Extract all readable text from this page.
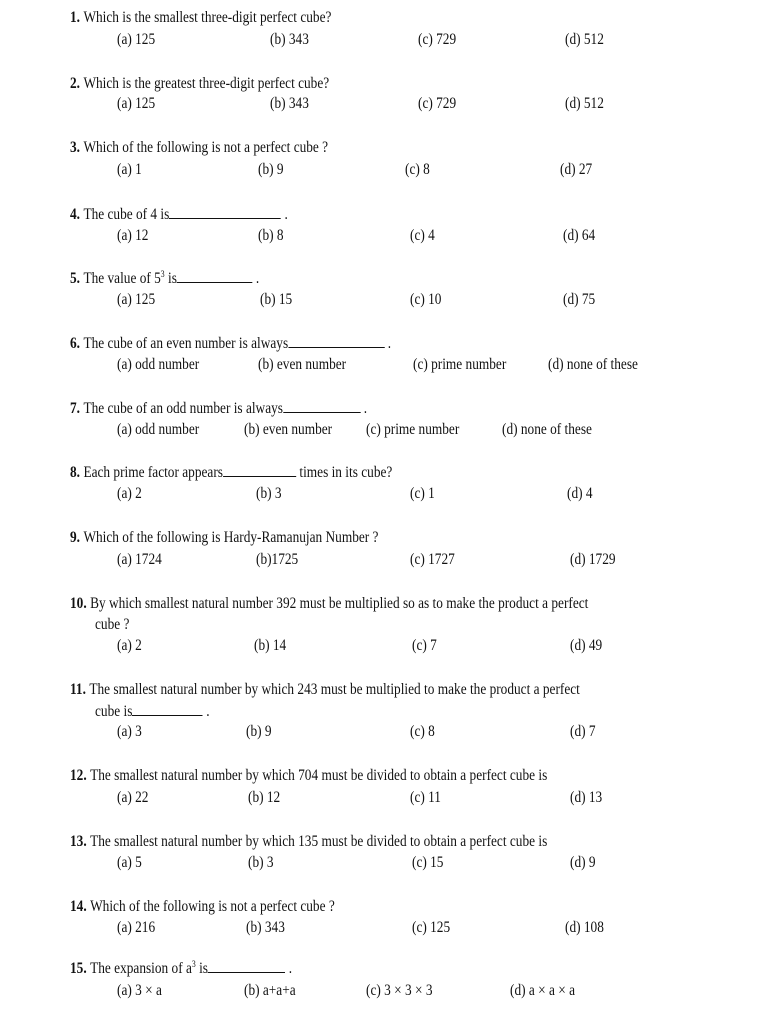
1. Which is the smallest three-digit perfect cube?
(a) 125	(b) 343	(c) 729	(d) 512
2. Which is the greatest three-digit perfect cube?
(a) 125	(b) 343	(c) 729	(d) 512
3. Which of the following is not a perfect cube ?
(a) 1	(b) 9	(c) 8	(d) 27
4. The cube of 4 is	.
(a) 12	(b) 8	(c) 4	(d) 64
5. The value of $5^3$ is	.
(a) 125	(b) 15	(c) 10	(d) 75
6. The cube of an even number is always	.
(a) odd number	(b) even number	(c) prime number	(d) none of these
7. The cube of an odd number is always	.
(a) odd number	(b) even number (c) prime number	(d) none of these
8. Each prime factor appears	times in its cube?
(a) 2	(b) 3	(c) 1	(d) 4
9. Which of the following is Hardy-Ramanujan Number ?
(a) 1724	(b)1725	(c) 1727	(d) 1729
10. By which smallest natural number 392 must be multiplied so as to make the product a perfect
cube ?
(a) 2	(b) 14	(c) 7	(d) 49
11. The smallest natural number by which 243 must be multiplied to make the product a perfect
cube is	.
(a) 3	(b) 9	(c) 8	(d) 7
12. The smallest natural number by which 704 must be divided to obtain a perfect cube is
(a) 22	(b) 12	(c) 11	(d) 13
13. The smallest natural number by which 135 must be divided to obtain a perfect cube is
(a) 5	(b) 3	(c) 15	(d) 9
14. Which of the following is not a perfect cube ?
(a) 216	(b) 343	(c) 125	(d) 108
15. The expansion of $a^3$ is	.
(a) 3 × a	(b) a+a+a	(c) 3 × 3 × 3	(d) a × a × a
